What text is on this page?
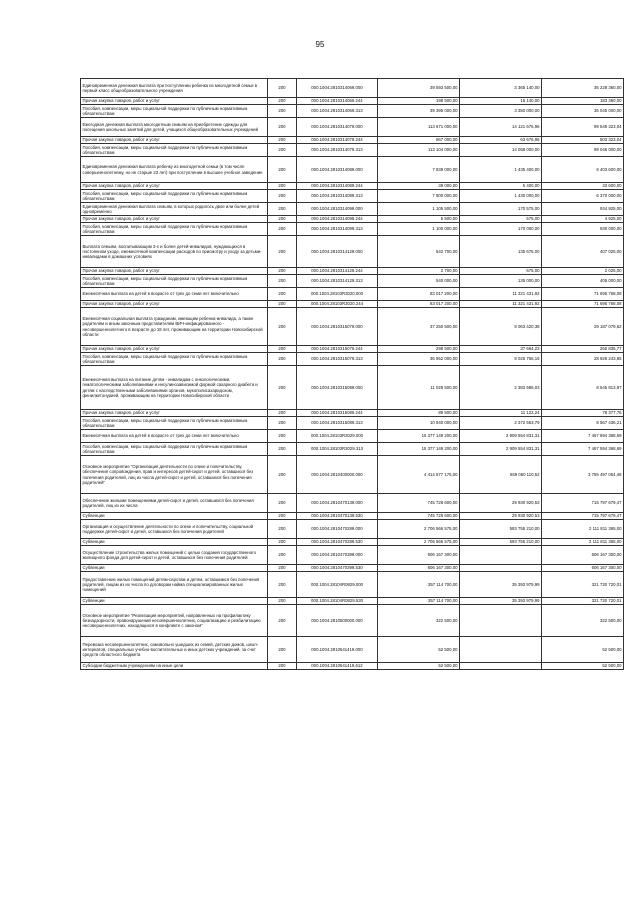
95
Единовременная денежная выплата при поступлении ребенка из многодетной семьи в первый класс общеобразовательного учреждения	200	000.1004.2810314069.000	39 593 500,00	3 365 140,00	36 228 360,00
Прочая закупка товаров, работ и услуг	200	000.1004.2810314069.244	198 500,00	15 140,00	183 360,00
Пособия, компенсации, меры социальной поддержки по публичным нормативным обязательствам	200	000.1004.2810314069.313	39 395 000,00	3 350 000,00	36 045 000,00
Ежегодная денежная выплата многодетным семьям на приобретение одежды для посещения школьных занятий для детей, учащихся общеобразовательных учреждений	200	000.1004.2810314079.000	113 671 000,00	14 121 676,96	99 549 323,04
Прочая закупка товаров, работ и услуг	200	000.1004.2810314079.244	567 000,00	63 676,96	503 323,04
Пособия, компенсации, меры социальной поддержки по публичным нормативным обязательствам	200	000.1004.2810314079.313	113 104 000,00	14 058 000,00	99 046 000,00
Единовременная денежная выплата ребенку из многодетной семьи (в том числе совершеннолетнему, но не старше 23 лет) при поступлении в высшее учебное заведение	200	000.1004.2810314089.000	7 839 000,00	1 435 400,00	6 403 600,00
Прочая закупка товаров, работ и услуг	200	000.1004.2810314089.244	39 000,00	5 400,00	33 600,00
Пособия, компенсации, меры социальной поддержки по публичным нормативным обязательствам	200	000.1004.2810314089.313	7 800 000,00	1 430 000,00	6 370 000,00
Единовременная денежная выплата семьям, в которых родилось двое или более детей одновременно	200	000.1004.2810314099.000	1 105 500,00	170 575,00	934 925,00
Прочая закупка товаров, работ и услуг	200	000.1004.2810314099.244	5 500,00	575,00	4 925,00
Пособия, компенсации, меры социальной поддержки по публичным нормативным обязательствам	200	000.1004.2810314099.313	1 100 000,00	170 000,00	930 000,00
Выплата семьям, воспитывающим 3-х и более детей-инвалидов, нуждающихся в постоянном уходе, ежемесячной компенсации расходов по присмотру и уходу за детьми-инвалидами в домашних условиях	200	000.1004.2810314129.000	542 700,00	135 675,00	407 025,00
Прочая закупка товаров, работ и услуг	200	000.1004.2810314129.244	2 700,00	675,00	2 025,00
Пособия, компенсации, меры социальной поддержки по публичным нормативным обязательствам	200	000.1004.2810314129.313	540 000,00	135 000,00	405 000,00
Ежемесячная выплата на детей в возрасте от трех до семи лет включительно	200	000.1004.28103R3020.000	83 017 200,00	11 321 431,92	71 695 768,08
Прочая закупка товаров, работ и услуг	200	000.1004.28103R3020.244	83 017 200,00	11 321 431,92	71 695 768,08
Ежемесячная социальная выплата гражданам, имеющим ребенка-инвалида, а также родителям и иным законным представителям ВИЧ-инфицированного - несовершеннолетнего в возрасте до 18 лет, проживающим на территории Новосибирской области	200	000.1004.2810315079.000	37 250 500,00	8 063 420,38	29 187 079,62
Прочая закупка товаров, работ и услуг	200	000.1004.2810315079.244	298 500,00	37 664,23	260 835,77
Пособия, компенсации, меры социальной поддержки по публичным нормативным обязательствам	200	000.1004.2810315079.313	36 952 000,00	8 025 756,15	28 926 243,85
Ежемесячная выплата на питание детям - инвалидам с онкологическими, гематологическими заболеваниями и инсулинозависимой формой сахарного диабета и детям с наследственными заболеваниями органов, мукополисахаридозом, фенилкетонурией, проживающим на территории Новосибирской области	200	000.1004.2810315089.000	11 029 500,00	2 383 686,03	8 645 813,97
Прочая закупка товаров, работ и услуг	200	000.1004.2810315089.244	89 500,00	11 122,24	78 377,76
Пособия, компенсации, меры социальной поддержки по публичным нормативным обязательствам	200	000.1004.2810315089.313	10 940 000,00	2 372 563,79	8 567 436,21
Ежемесячная выплата на детей в возрасте от трех до семи лет включительно	200	000.1004.28103R3029.000	15 377 149 200,00	2 909 554 831,31	7 467 594 368,69
Пособия, компенсации, меры социальной поддержки по публичным нормативным обязательствам	200	000.1004.28103R3029.313	15 377 149 200,00	2 909 554 831,31	7 467 594 368,69
Основное мероприятие "Организация деятельности по опеке и попечительству, обеспечение сопровождения, прав и интересов детей-сирот и детей, оставшихся без попечения родителей, лиц из числа детей-сирот и детей, оставшихся без попечения родителей"	200	000.1004.2810400000.000	4 414 577 175,00	659 060 110,52	3 755 497 064,48
Обеспечение жилыми помещениями детей-сирот и детей, оставшихся без попечения родителей, лиц из их числа	200	000.1004.2810470139.000	745 728 600,00	29 930 920,53	715 797 679,47
Субвенции	200	000.1004.2810470139.530	745 728 600,00	29 930 920,53	715 797 679,47
Организация и осуществление деятельности по опеке и попечительству, социальной поддержке детей-сирот и детей, оставшихся без попечения родителей	200	000.1004.2810470289.000	2 706 566 575,00	593 755 210,00	2 111 811 365,00
Субвенции	200	000.1004.2810470289.530	2 706 566 575,00	593 755 210,00	2 111 811 365,00
Осуществление строительства жилых помещений с целью создания государственного жилищного фонда для детей-сирот и детей, оставшихся без попечения родителей	200	000.1004.2810470399.000	606 167 300,00		606 167 300,00
Субвенции	200	000.1004.2810470399.530	606 167 300,00		606 167 300,00
Предоставление жилых помещений детям-сиротам и детям, оставшимся без попечения родителей, лицам из их числа по договорам найма специализированных жилых помещений	200	000.1004.28104R0829.000	357 114 700,00	35 393 979,99	321 720 720,01
Субвенции	200	000.1004.28104R0829.530	357 114 700,00	35 393 979,99	321 720 720,01
Основное мероприятие "Реализация мероприятий, направленных на профилактику безнадзорности, правонарушений несовершеннолетних, социализацию и реабилитацию несовершеннолетних, находящихся в конфликте с законом"	200	000.1004.2810500000.000	322 500,00		322 500,00
Перевозка несовершеннолетних, самовольно ушедших из семей, детских домов, школ-интернатов, специальных учебно-воспитательных и иных детских учреждений, за счет средств областного бюджета	200	000.1004.2810541419.000	52 500,00		52 500,00
Субсидии бюджетным учреждениям на иные цели	200	000.1004.2810541419.612	52 500,00		52 500,00
